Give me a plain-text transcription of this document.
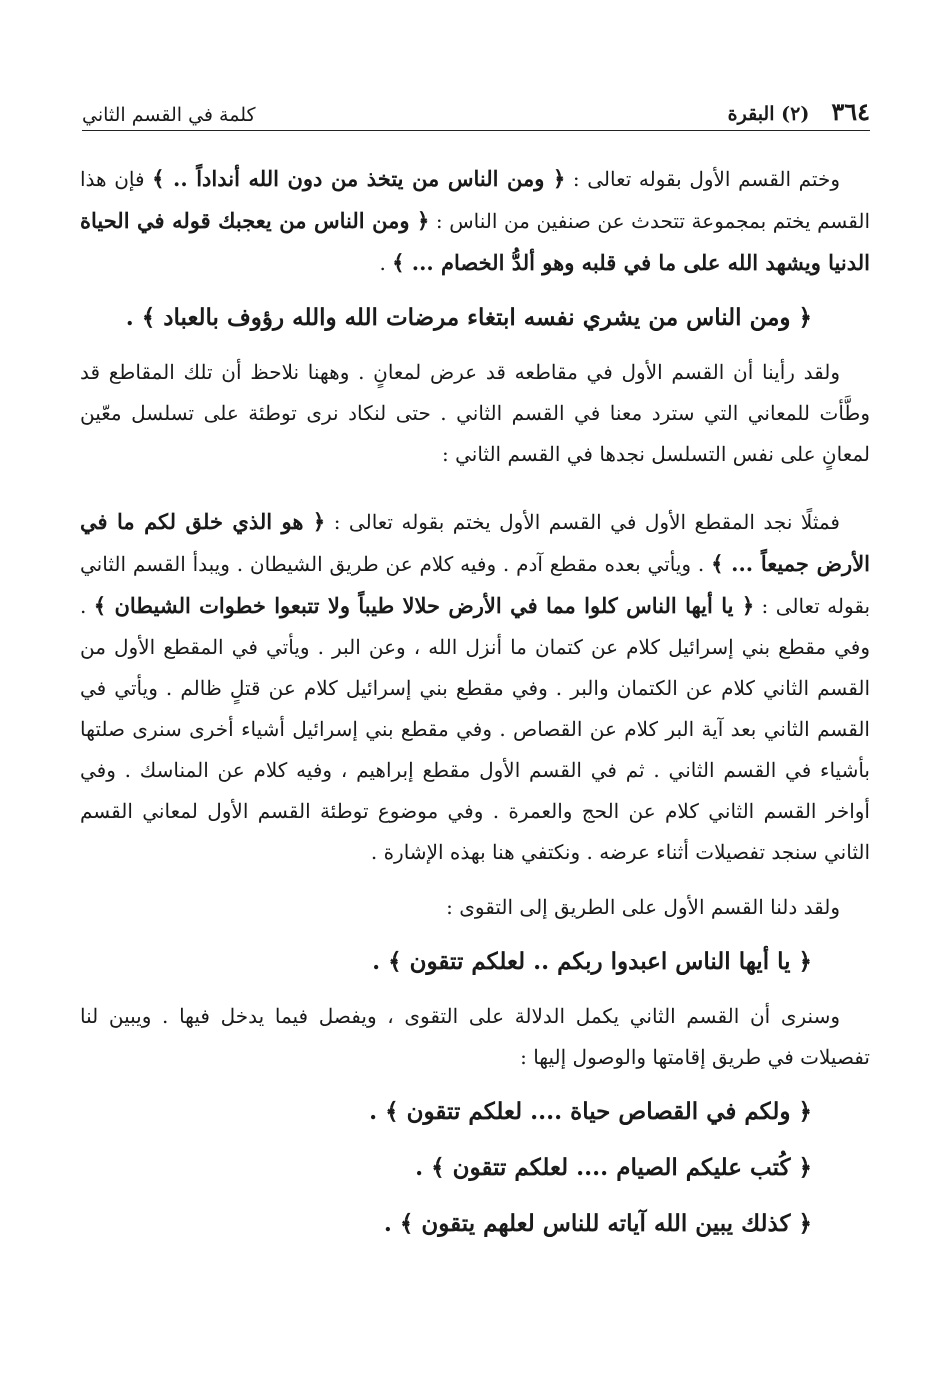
٣٦٤
(٢) البقرة
كلمة في القسم الثاني

وختم القسم الأول بقوله تعالى : ﴿ ومن الناس من يتخذ من دون الله أنداداً .. ﴾ فإن هذا القسم يختم بمجموعة تتحدث عن صنفين من الناس : ﴿ ومن الناس من يعجبك قوله في الحياة الدنيا ويشهد الله على ما في قلبه وهو ألدُّ الخصام ... ﴾ .

﴿ ومن الناس من يشري نفسه ابتغاء مرضات الله والله رؤوف بالعباد ﴾ .

ولقد رأينا أن القسم الأول في مقاطعه قد عرض لمعانٍ . وههنا نلاحظ أن تلك المقاطع قد وطَّأت للمعاني التي سترد معنا في القسم الثاني . حتى لنكاد نرى توطئة على تسلسل معّين لمعانٍ على نفس التسلسل نجدها في القسم الثاني :

فمثلًا نجد المقطع الأول في القسم الأول يختم بقوله تعالى : ﴿ هو الذي خلق لكم ما في الأرض جميعاً ... ﴾ . ويأتي بعده مقطع آدم . وفيه كلام عن طريق الشيطان . ويبدأ القسم الثاني بقوله تعالى : ﴿ يا أيها الناس كلوا مما في الأرض حلالا طيباً ولا تتبعوا خطوات الشيطان ﴾ . وفي مقطع بني إسرائيل كلام عن كتمان ما أنزل الله ، وعن البر . ويأتي في المقطع الأول من القسم الثاني كلام عن الكتمان والبر . وفي مقطع بني إسرائيل كلام عن قتلٍ ظالم . ويأتي في القسم الثاني بعد آية البر كلام عن القصاص . وفي مقطع بني إسرائيل أشياء أخرى سنرى صلتها بأشياء في القسم الثاني . ثم في القسم الأول مقطع إبراهيم ، وفيه كلام عن المناسك . وفي أواخر القسم الثاني كلام عن الحج والعمرة . وفي موضوع توطئة القسم الأول لمعاني القسم الثاني سنجد تفصيلات أثناء عرضه . ونكتفي هنا بهذه الإشارة .

ولقد دلنا القسم الأول على الطريق إلى التقوى :

﴿ يا أيها الناس اعبدوا ربكم .. لعلكم تتقون ﴾ .

وسنرى أن القسم الثاني يكمل الدلالة على التقوى ، ويفصل فيما يدخل فيها . ويبين لنا تفصيلات في طريق إقامتها والوصول إليها :

﴿ ولكم في القصاص حياة .... لعلكم تتقون ﴾ .

﴿ كُتب عليكم الصيام .... لعلكم تتقون ﴾ .

﴿ كذلك يبين الله آياته للناس لعلهم يتقون ﴾ .
